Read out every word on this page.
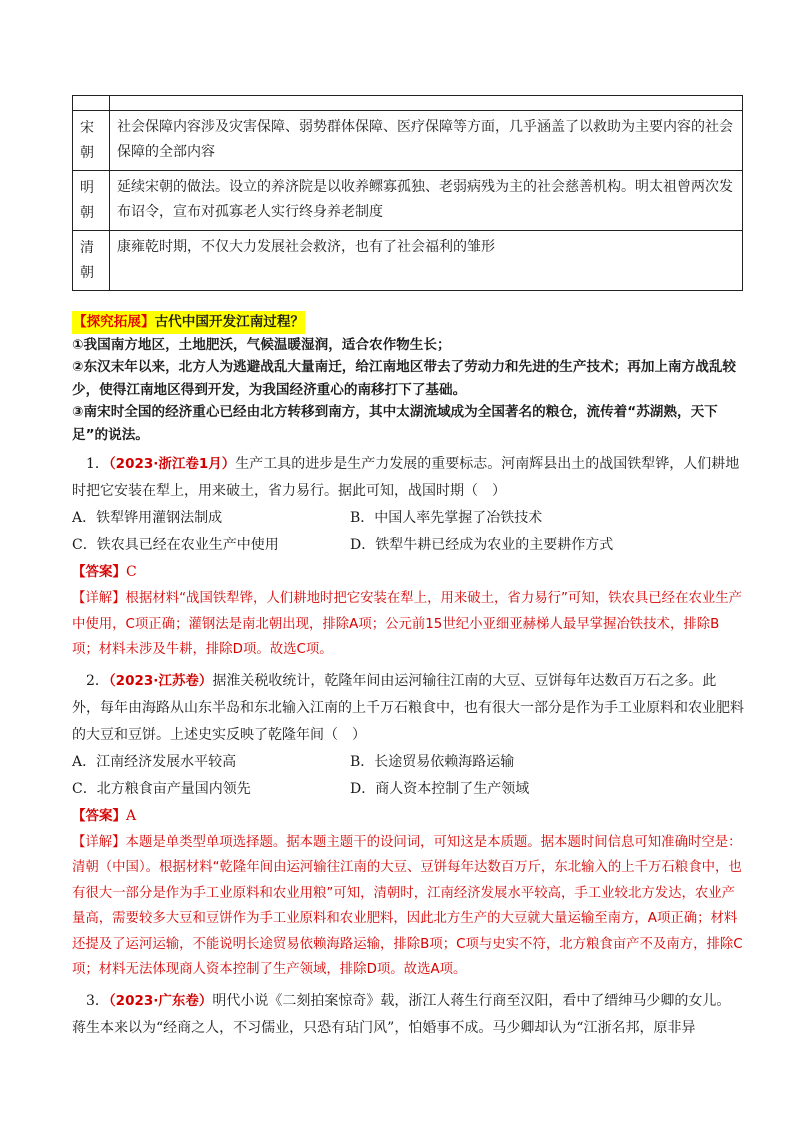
宋朝	社会保障内容涉及灾害保障、弱势群体保障、医疗保障等方面，几乎涵盖了以救助为主要内容的社会保障的全部内容
明朝	延续宋朝的做法。设立的养济院是以收养鳏寡孤独、老弱病残为主的社会慈善机构。明太祖曾两次发布诏令，宣布对孤寡老人实行终身养老制度
清朝	康雍乾时期，不仅大力发展社会救济，也有了社会福利的雏形
【探究拓展】古代中国开发江南过程？

①我国南方地区，土地肥沃，气候温暖湿润，适合农作物生长；

②东汉末年以来，北方人为逃避战乱大量南迁，给江南地区带去了劳动力和先进的生产技术；再加上南方战乱较少，使得江南地区得到开发，为我国经济重心的南移打下了基础。

③南宋时全国的经济重心已经由北方转移到南方，其中太湖流域成为全国著名的粮仓，流传着“苏湖熟，天下足”的说法。

1．（2023·浙江卷1月）生产工具的进步是生产力发展的重要标志。河南辉县出土的战国铁犁铧，人们耕地时把它安装在犁上，用来破土，省力易行。据此可知，战国时期（　）

A．铁犁铧用灌钢法制成	B．中国人率先掌握了冶铁技术
C．铁农具已经在农业生产中使用	D．铁犁牛耕已经成为农业的主要耕作方式

【答案】C

【详解】根据材料“战国铁犁铧，人们耕地时把它安装在犁上，用来破土，省力易行”可知，铁农具已经在农业生产中使用，C项正确；灌钢法是南北朝出现，排除A项；公元前15世纪小亚细亚赫梯人最早掌握冶铁技术，排除B项；材料未涉及牛耕，排除D项。故选C项。

2．（2023·江苏卷）据淮关税收统计，乾隆年间由运河输往江南的大豆、豆饼每年达数百万石之多。此外，每年由海路从山东半岛和东北输入江南的上千万石粮食中，也有很大一部分是作为手工业原料和农业肥料的大豆和豆饼。上述史实反映了乾隆年间（　）

A．江南经济发展水平较高	B．长途贸易依赖海路运输
C．北方粮食亩产量国内领先	D．商人资本控制了生产领域

【答案】A

【详解】本题是单类型单项选择题。据本题主题干的设问词，可知这是本质题。据本题时间信息可知准确时空是：清朝（中国）。根据材料“乾隆年间由运河输往江南的大豆、豆饼每年达数百万斤，东北输入的上千万石粮食中，也有很大一部分是作为手工业原料和农业用粮”可知，清朝时，江南经济发展水平较高，手工业较北方发达，农业产量高，需要较多大豆和豆饼作为手工业原料和农业肥料，因此北方生产的大豆就大量运输至南方，A项正确；材料还提及了运河运输，不能说明长途贸易依赖海路运输，排除B项；C项与史实不符，北方粮食亩产不及南方，排除C项；材料无法体现商人资本控制了生产领域，排除D项。故选A项。

3．（2023·广东卷）明代小说《二刻拍案惊奇》载，浙江人蒋生行商至汉阳，看中了缙绅马少卿的女儿。蒋生本来以为“经商之人，不习儒业，只恐有玷门风”，怕婚事不成。马少卿却认为“江浙名邦，原非异
